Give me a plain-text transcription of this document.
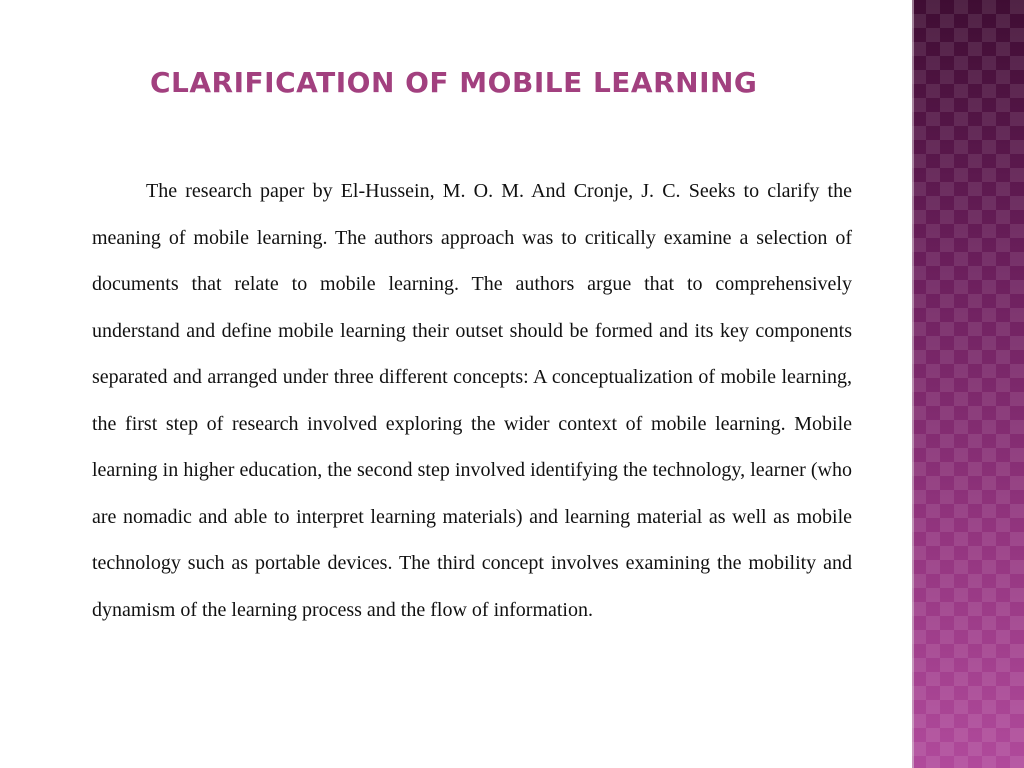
CLARIFICATION OF MOBILE LEARNING

The research paper by El-Hussein, M. O. M. And Cronje, J. C. Seeks to clarify the meaning of mobile learning. The authors approach was to critically examine a selection of documents that relate to mobile learning. The authors argue that to comprehensively understand and define mobile learning their outset should be formed and its key components separated and arranged under three different concepts: A conceptualization of mobile learning, the first step of research involved exploring the wider context of mobile learning. Mobile learning in higher education, the second step involved identifying the technology, learner (who are nomadic and able to interpret learning materials) and learning material as well as mobile technology such as portable devices. The third concept involves examining the mobility and dynamism of the learning process and the flow of information.
